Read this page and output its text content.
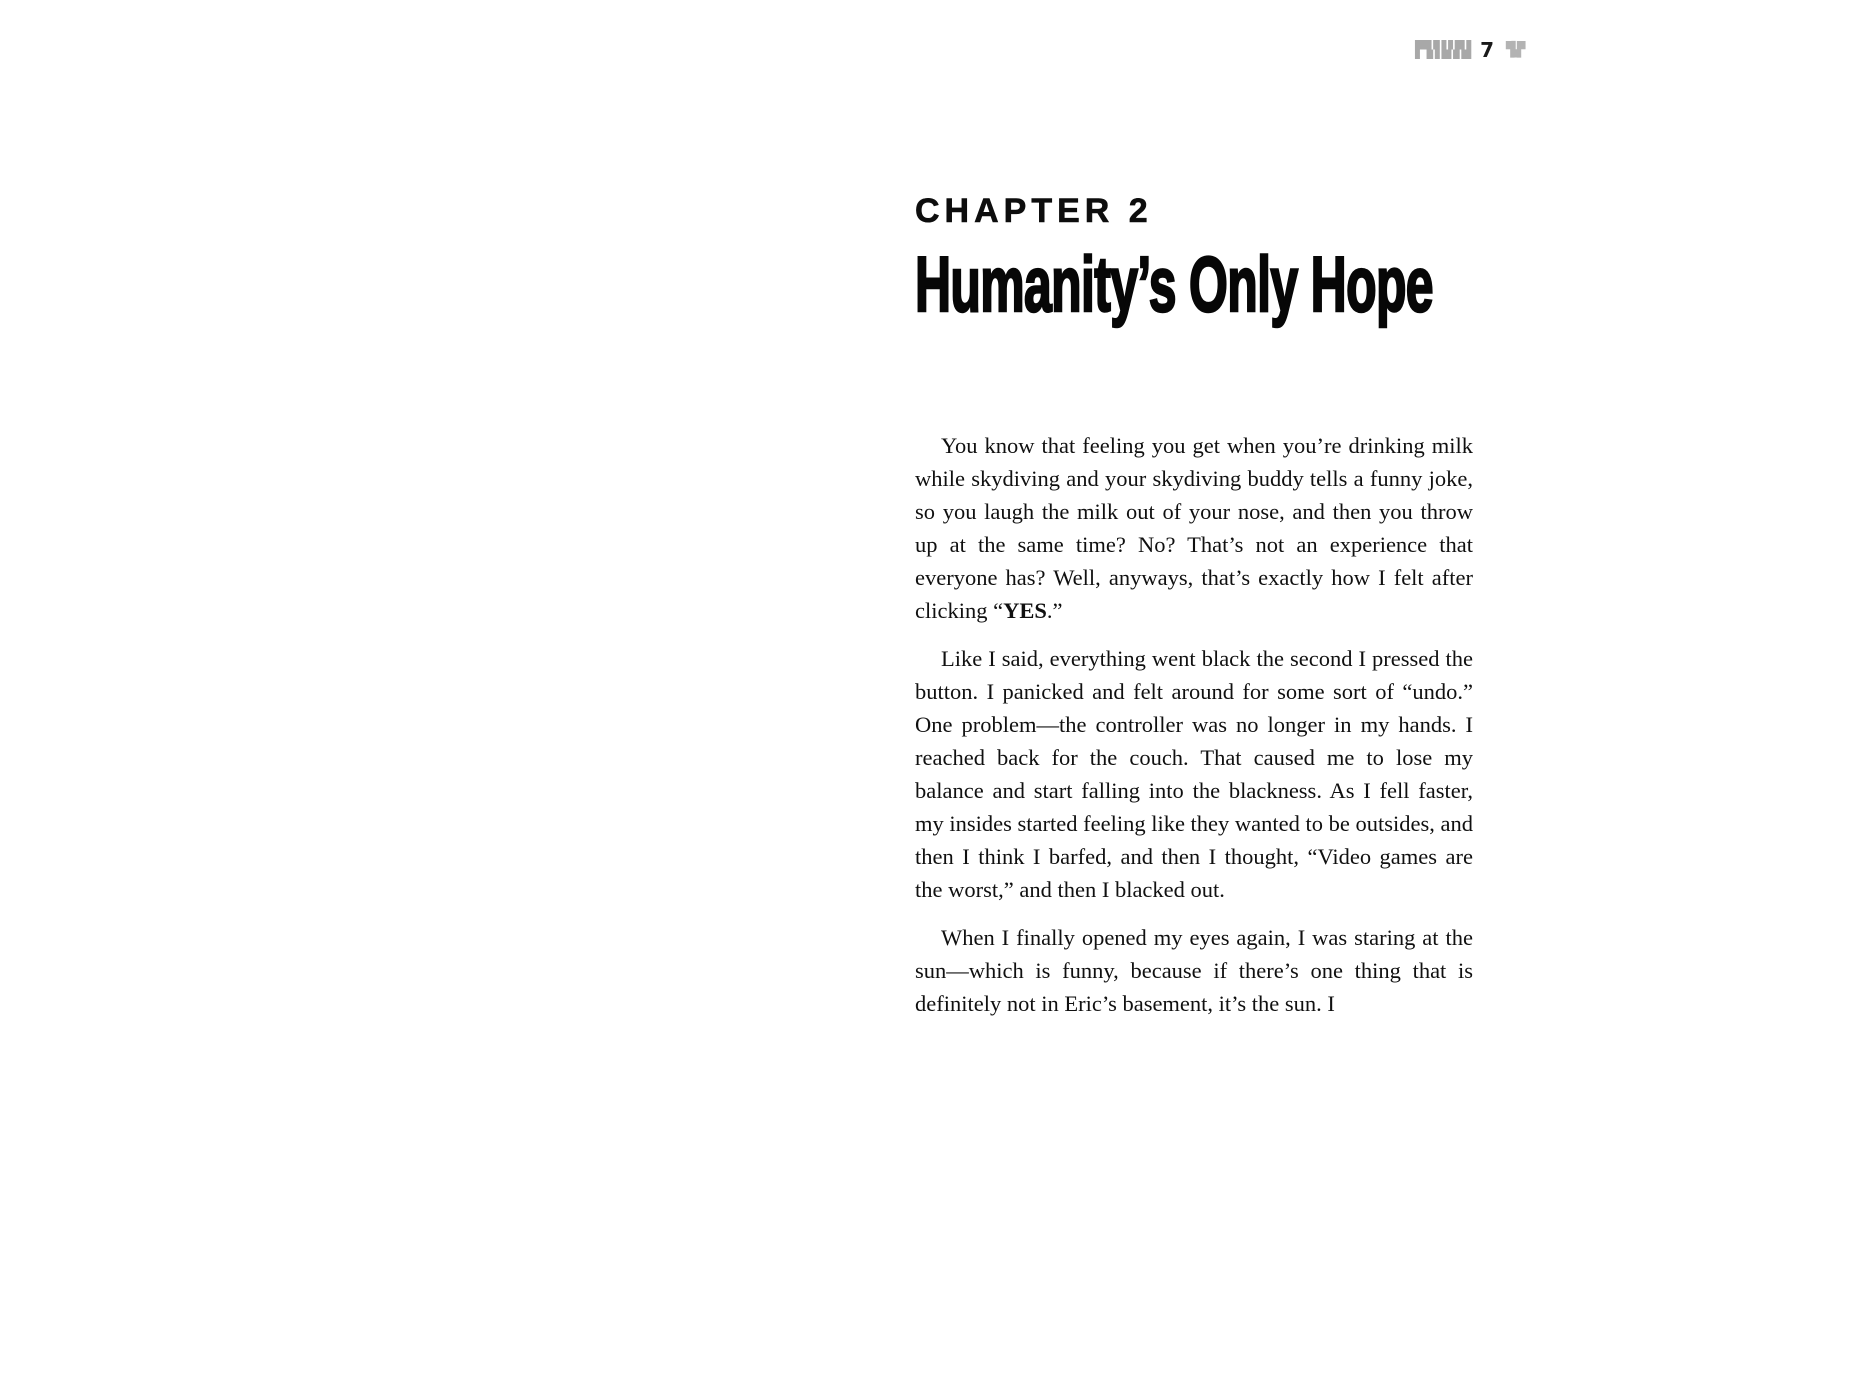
▛▜▞▌▙▚▛▟ 7 ▜▙▛
CHAPTER 2
Humanity’s Only Hope

You know that feeling you get when you’re drinking milk while skydiving and your skydiving buddy tells a funny joke, so you laugh the milk out of your nose, and then you throw up at the same time? No? That’s not an experience that everyone has? Well, anyways, that’s exactly how I felt after clicking “YES.”

Like I said, everything went black the second I pressed the button. I panicked and felt around for some sort of “undo.” One problem—the controller was no longer in my hands. I reached back for the couch. That caused me to lose my balance and start falling into the blackness. As I fell faster, my insides started feeling like they wanted to be outsides, and then I think I barfed, and then I thought, “Video games are the worst,” and then I blacked out.

When I finally opened my eyes again, I was staring at the sun—which is funny, because if there’s one thing that is definitely not in Eric’s basement, it’s the sun. I
